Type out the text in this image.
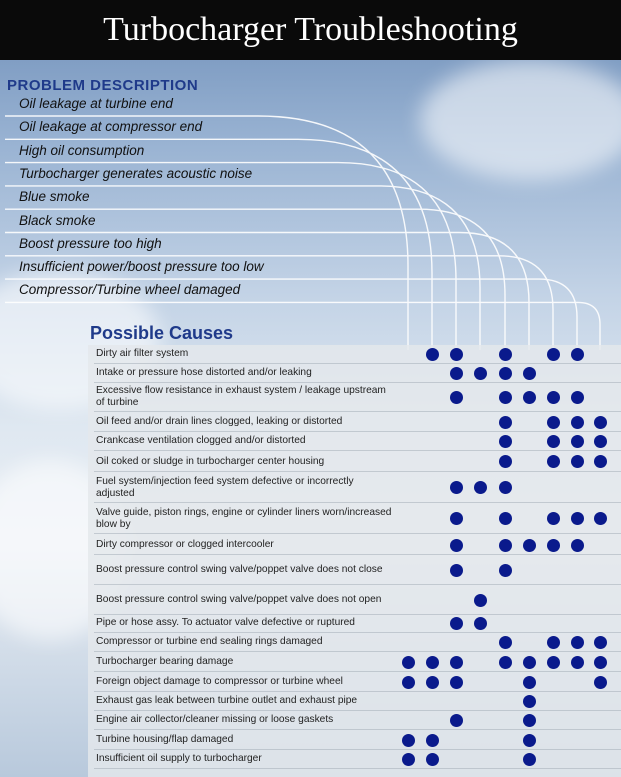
Turbocharger Troubleshooting
PROBLEM DESCRIPTION
Oil leakage at turbine end
Oil leakage at compressor end
High oil consumption
Turbocharger generates acoustic noise
Blue smoke
Black smoke
Boost pressure too high
Insufficient power/boost pressure too low
Compressor/Turbine wheel damaged
Possible Causes
Dirty air filter system
Intake or pressure hose distorted and/or leaking
Excessive flow resistance in exhaust system / leakage upstream of turbine
Oil feed and/or drain lines clogged, leaking or distorted
Crankcase ventilation clogged and/or distorted
Oil coked or sludge in turbocharger center housing
Fuel system/injection feed system defective or incorrectly adjusted
Valve guide, piston rings, engine or cylinder liners worn/increased blow by
Dirty compressor or clogged intercooler
Boost pressure control swing valve/poppet valve does not close
Boost pressure control swing valve/poppet valve does not open
Pipe or hose assy. To actuator valve defective or ruptured
Compressor or turbine end sealing rings damaged
Turbocharger bearing damage
Foreign object damage to compressor or turbine wheel
Exhaust gas leak between turbine outlet and exhaust pipe
Engine air collector/cleaner missing or loose gaskets
Turbine housing/flap damaged
Insufficient oil supply to turbocharger
